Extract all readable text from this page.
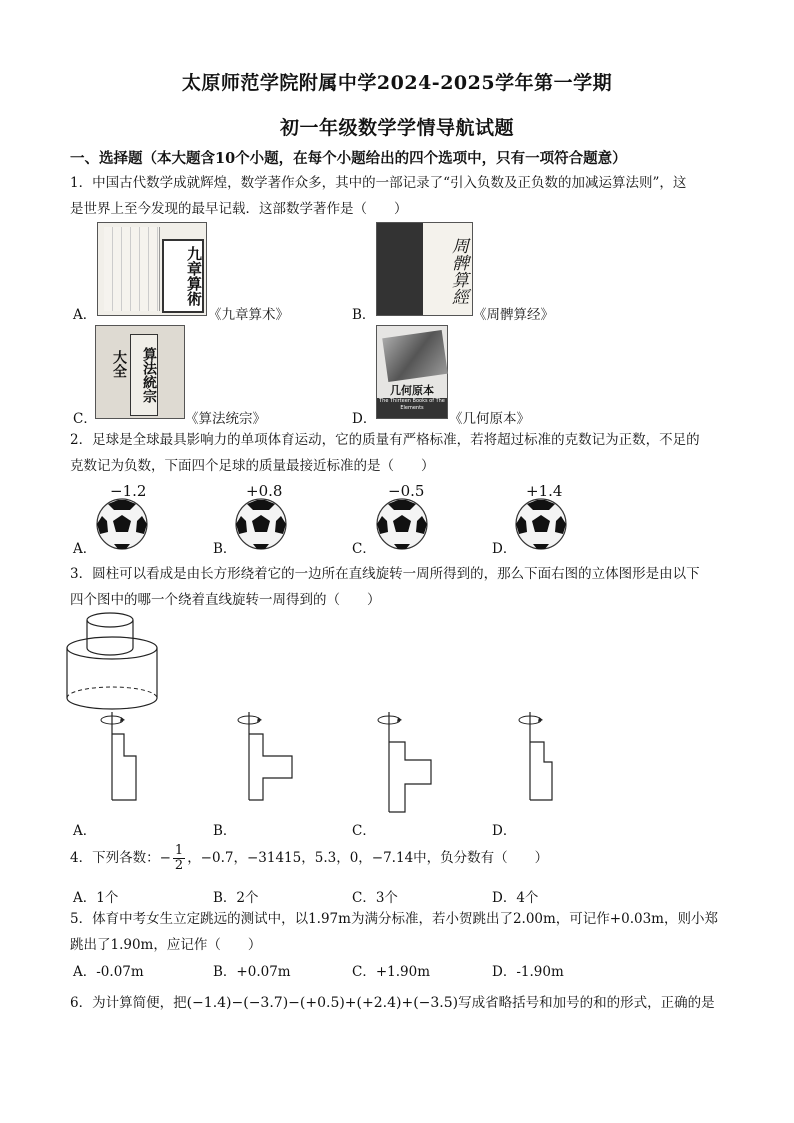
太原师范学院附属中学2024-2025学年第一学期
初一年级数学学情导航试题
一、选择题（本大题含10个小题，在每个小题给出的四个选项中，只有一项符合题意）
1．中国古代数学成就辉煌，数学著作众多，其中的一部记录了“引入负数及正负数的加减运算法则”，这
是世界上至今发现的最早记载．这部数学著作是（　　）
九章算術	周髀算經
大全	算法統宗	几何原本
The Thirteen Books of The Elements
A．	《九章算术》	B．	《周髀算经》
C．	《算法统宗》	D．	《几何原本》
2．足球是全球最具影响力的单项体育运动，它的质量有严格标准，若将超过标准的克数记为正数，不足的
克数记为负数，下面四个足球的质量最接近标准的是（　　）
−1.2	+0.8	−0.5	+1.4
A．	B．	C．	D．
3．圆柱可以看成是由长方形绕着它的一边所在直线旋转一周所得到的，那么下面右图的立体图形是由以下
四个图中的哪一个绕着直线旋转一周得到的（　　）
A．	B．	C．	D．
4．下列各数：− $\frac{1}{2}$ ，−0.7，−31415，5.3，0，−7.14中，负分数有（　　）
A．1个	B．2个	C．3个	D．4个
5．体育中考女生立定跳远的测试中，以1.97m为满分标准，若小贺跳出了2.00m，可记作+0.03m，则小郑
跳出了1.90m，应记作（　　）
A．-0.07m	B．+0.07m	C．+1.90m	D．-1.90m
6．为计算简便，把(−1.4)−(−3.7)−(+0.5)+(+2.4)+(−3.5)写成省略括号和加号的和的形式，正确的是
